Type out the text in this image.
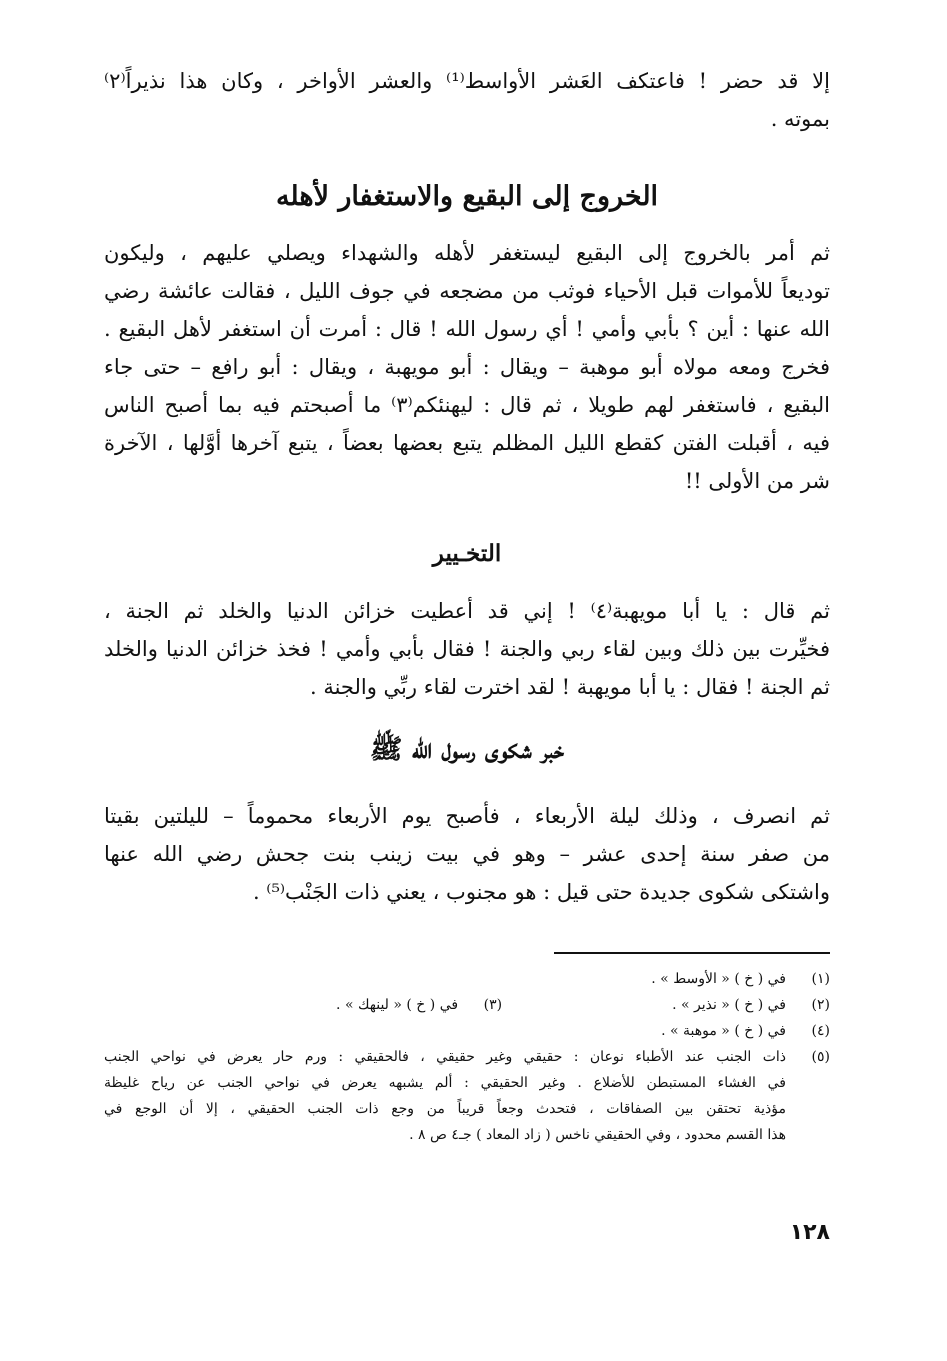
إلا قد حضر ! فاعتكف العَشر الأواسط⁽¹⁾ والعشر الأواخر ، وكان هذا نذيراً⁽٢⁾
بموته .
الخروج إلى البقيع والاستغفار لأهله
ثم أمر بالخروج إلى البقيع ليستغفر لأهله والشهداء ويصلي عليهم ، وليكون
توديعاً للأموات قبل الأحياء فوثب من مضجعه في جوف الليل ، فقالت عائشة رضي
الله عنها : أين ؟ بأبي وأمي ! أي رسول الله ! قال : أمرت أن استغفر لأهل البقيع .
فخرج ومعه مولاه أبو موهبة – ويقال : أبو مويهبة ، ويقال : أبو رافع – حتى جاء
البقيع ، فاستغفر لهم طويلا ، ثم قال : ليهنئكم⁽٣⁾ ما أصبحتم فيه بما أصبح الناس
فيه ، أقبلت الفتن كقطع الليل المظلم يتبع بعضها بعضاً ، يتبع آخرها أوَّلها ، الآخرة
شر من الأولى !!
التخـيير
ثم قال : يا أبا مويهبة⁽٤⁾ ! إني قد أعطيت خزائن الدنيا والخلد ثم الجنة ،
فخيِّرت بين ذلك وبين لقاء ربي والجنة ! فقال بأبي وأمي ! فخذ خزائن الدنيا والخلد
ثم الجنة ! فقال : يا أبا مويهبة ! لقد اخترت لقاء ربِّي والجنة .
خبر شكوى رسول الله ﷺ
ثم انصرف ، وذلك ليلة الأربعاء ، فأصبح يوم الأربعاء محموماً – لليلتين بقيتا
من صفر سنة إحدى عشر – وهو في بيت زينب بنت جحش رضي الله عنها
واشتكى شكوى جديدة حتى قيل : هو مجنوب ، يعني ذات الجَنْب⁽⁵⁾ .
(١)
في ( خ ) « الأوسط » .
(٢)
في ( خ ) « نذير » .
(٣)
في ( خ ) « لينهك » .
(٤)
في ( خ ) « موهبة » .
(٥)
ذات الجنب عند الأطباء نوعان : حقيقي وغير حقيقي ، فالحقيقي : ورم حار يعرض في نواحي الجنب
في الغشاء المستبطن للأضلاع . وغير الحقيقي : ألم يشبهه يعرض في نواحي الجنب عن رياح غليظة
مؤذية تحتقن بين الصفاقات ، فتحدث وجعاً قريباً من وجع ذات الجنب الحقيقي ، إلا أن الوجع في
هذا القسم محدود ، وفي الحقيقي ناخس ( زاد المعاد ) جـ٤ ص ٨ .
١٢٨
